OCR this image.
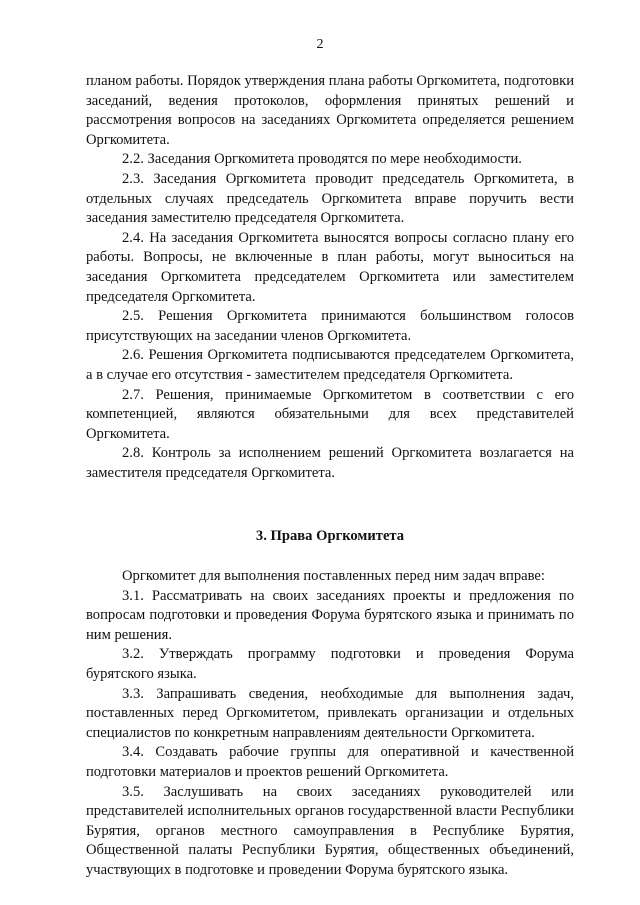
2

планом работы. Порядок утверждения плана работы Оргкомитета, подготовки заседаний, ведения протоколов, оформления принятых решений и рассмотрения вопросов на заседаниях Оргкомитета определяется решением Оргкомитета.

2.2. Заседания Оргкомитета проводятся по мере необходимости.

2.3. Заседания Оргкомитета проводит председатель Оргкомитета, в отдельных случаях председатель Оргкомитета вправе поручить вести заседания заместителю председателя Оргкомитета.

2.4. На заседания Оргкомитета выносятся вопросы согласно плану его работы. Вопросы, не включенные в план работы, могут выноситься на заседания Оргкомитета председателем Оргкомитета или заместителем председателя Оргкомитета.

2.5. Решения Оргкомитета принимаются большинством голосов присутствующих на заседании членов Оргкомитета.

2.6. Решения Оргкомитета подписываются председателем Оргкомитета, а в случае его отсутствия - заместителем председателя Оргкомитета.

2.7. Решения, принимаемые Оргкомитетом в соответствии с его компетенцией, являются обязательными для всех представителей Оргкомитета.

2.8. Контроль за исполнением решений Оргкомитета возлагается на заместителя председателя Оргкомитета.

3. Права Оргкомитета

Оргкомитет для выполнения поставленных перед ним задач вправе:

3.1. Рассматривать на своих заседаниях проекты и предложения по вопросам подготовки и проведения Форума бурятского языка и принимать по ним решения.

3.2. Утверждать программу подготовки и проведения Форума бурятского языка.

3.3. Запрашивать сведения, необходимые для выполнения задач, поставленных перед Оргкомитетом, привлекать организации и отдельных специалистов по конкретным направлениям деятельности Оргкомитета.

3.4. Создавать рабочие группы для оперативной и качественной подготовки материалов и проектов решений Оргкомитета.

3.5. Заслушивать на своих заседаниях руководителей или представителей исполнительных органов государственной власти Республики Бурятия, органов местного самоуправления в Республике Бурятия, Общественной палаты Республики Бурятия, общественных объединений, участвующих в подготовке и проведении Форума бурятского языка.
